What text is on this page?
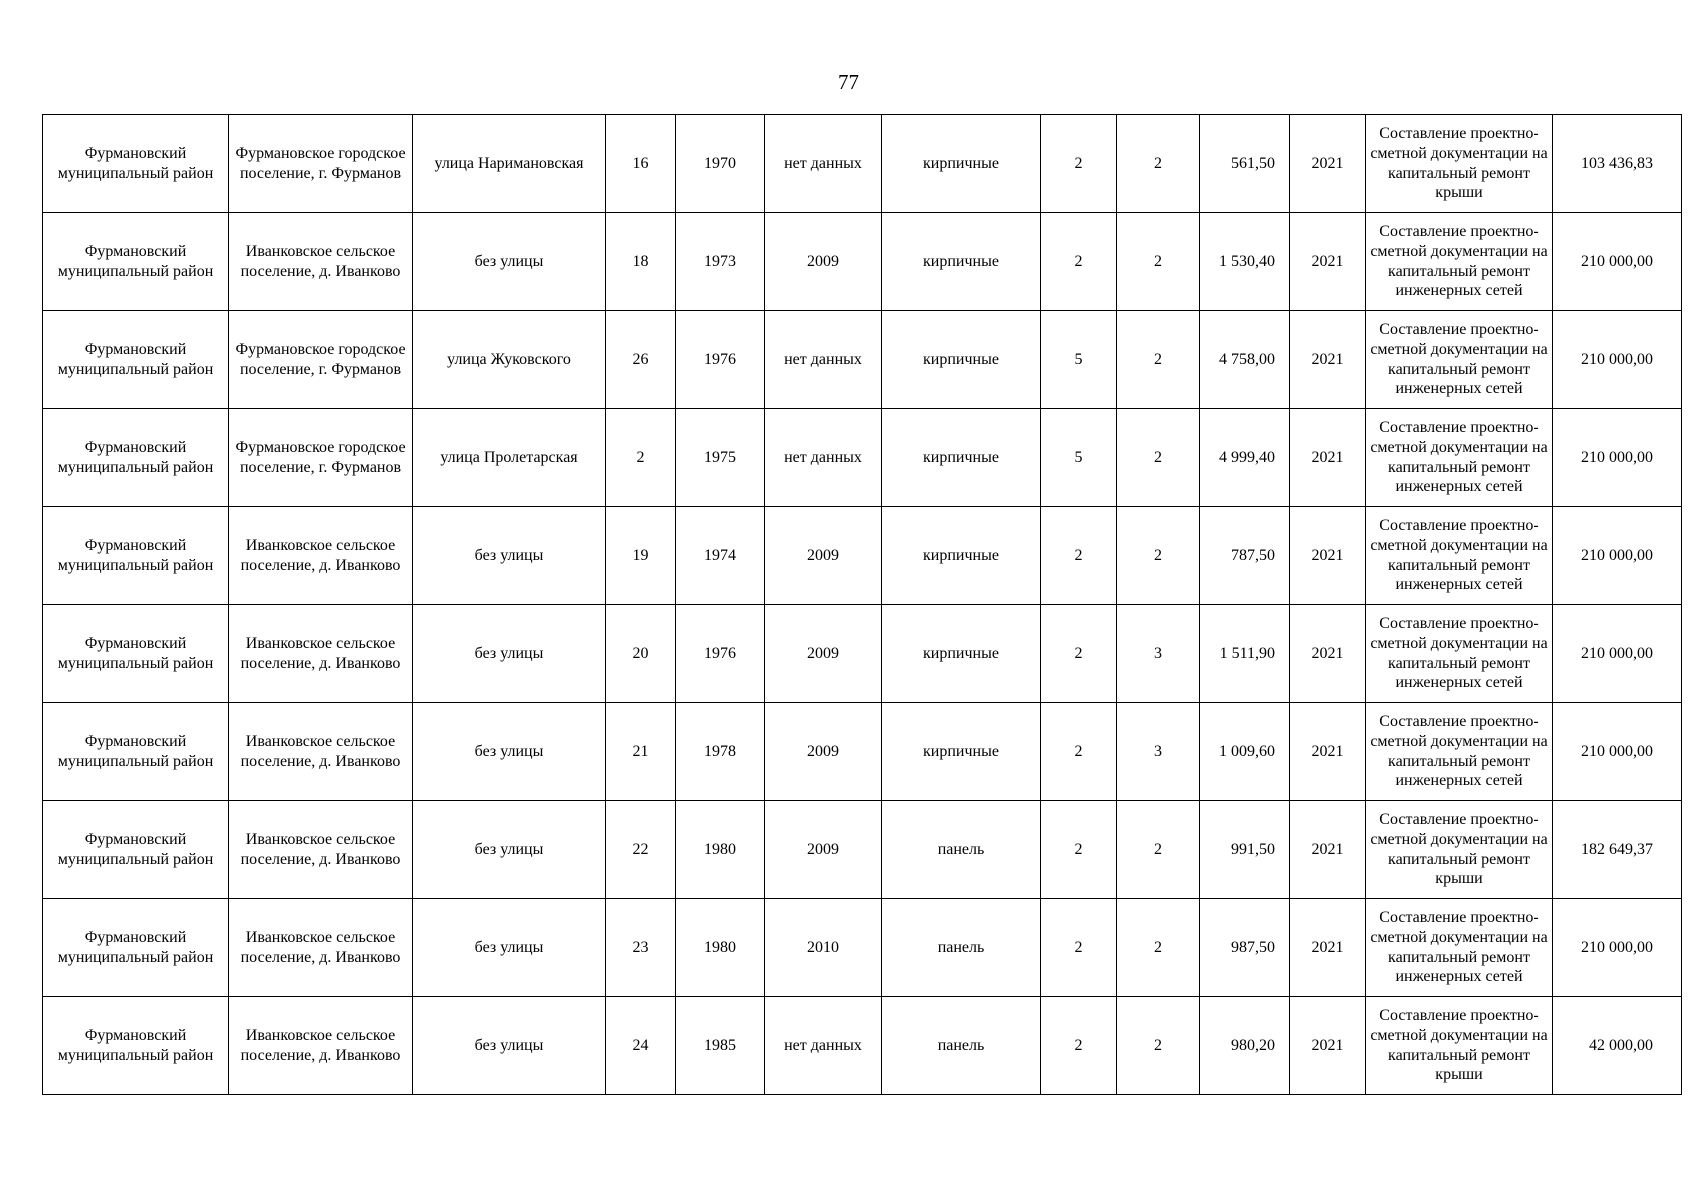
77
Фурмановский муниципальный район	Фурмановское городское поселение, г. Фурманов	улица Наримановская	16	1970	нет данных	кирпичные	2	2	561,50	2021	Составление проектно-сметной документации на капитальный ремонт крыши	103 436,83
Фурмановский муниципальный район	Иванковское сельское поселение, д. Иванково	без улицы	18	1973	2009	кирпичные	2	2	1 530,40	2021	Составление проектно-сметной документации на капитальный ремонт инженерных сетей	210 000,00
Фурмановский муниципальный район	Фурмановское городское поселение, г. Фурманов	улица Жуковского	26	1976	нет данных	кирпичные	5	2	4 758,00	2021	Составление проектно-сметной документации на капитальный ремонт инженерных сетей	210 000,00
Фурмановский муниципальный район	Фурмановское городское поселение, г. Фурманов	улица Пролетарская	2	1975	нет данных	кирпичные	5	2	4 999,40	2021	Составление проектно-сметной документации на капитальный ремонт инженерных сетей	210 000,00
Фурмановский муниципальный район	Иванковское сельское поселение, д. Иванково	без улицы	19	1974	2009	кирпичные	2	2	787,50	2021	Составление проектно-сметной документации на капитальный ремонт инженерных сетей	210 000,00
Фурмановский муниципальный район	Иванковское сельское поселение, д. Иванково	без улицы	20	1976	2009	кирпичные	2	3	1 511,90	2021	Составление проектно-сметной документации на капитальный ремонт инженерных сетей	210 000,00
Фурмановский муниципальный район	Иванковское сельское поселение, д. Иванково	без улицы	21	1978	2009	кирпичные	2	3	1 009,60	2021	Составление проектно-сметной документации на капитальный ремонт инженерных сетей	210 000,00
Фурмановский муниципальный район	Иванковское сельское поселение, д. Иванково	без улицы	22	1980	2009	панель	2	2	991,50	2021	Составление проектно-сметной документации на капитальный ремонт крыши	182 649,37
Фурмановский муниципальный район	Иванковское сельское поселение, д. Иванково	без улицы	23	1980	2010	панель	2	2	987,50	2021	Составление проектно-сметной документации на капитальный ремонт инженерных сетей	210 000,00
Фурмановский муниципальный район	Иванковское сельское поселение, д. Иванково	без улицы	24	1985	нет данных	панель	2	2	980,20	2021	Составление проектно-сметной документации на капитальный ремонт крыши	42 000,00
